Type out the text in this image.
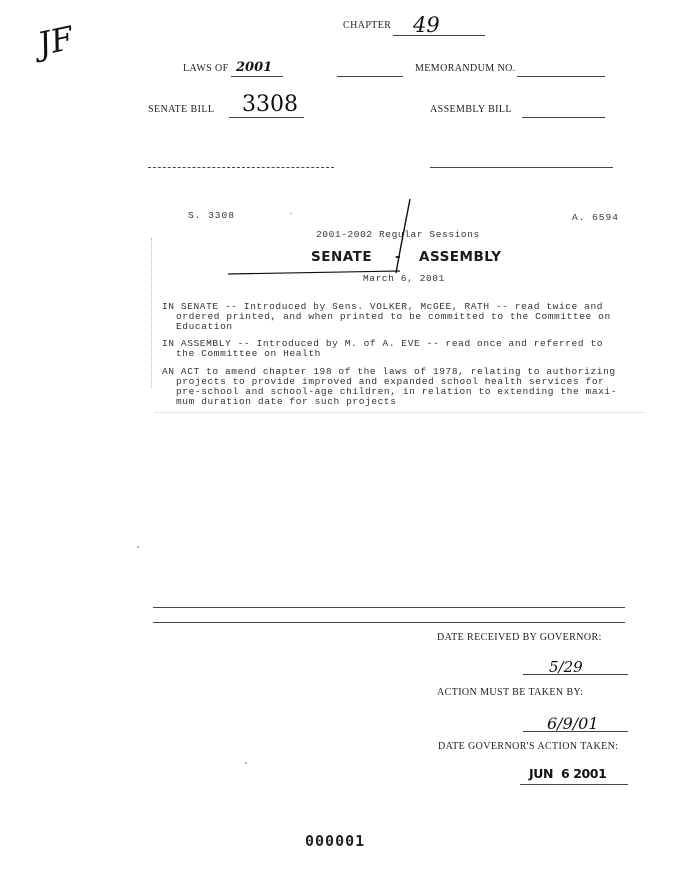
JF	CHAPTER 49
LAWS OF 2001	MEMORANDUM NO.
SENATE BILL 3308	ASSEMBLY BILL
S. 3308	A. 6594
2001-2002 Regular Sessions
SENATE - ASSEMBLY
March 6, 2001
IN SENATE -- Introduced by Sens. VOLKER, McGEE, RATH -- read twice and
ordered printed, and when printed to be committed to the Committee on
Education
IN ASSEMBLY -- Introduced by M. of A. EVE -- read once and referred to
the Committee on Health
AN ACT to amend chapter 198 of the laws of 1978, relating to authorizing
projects to provide improved and expanded school health services for
pre-school and school-age children, in relation to extending the maxi-
mum duration date for such projects
DATE RECEIVED BY GOVERNOR:
5/29
ACTION MUST BE TAKEN BY:
6/9/01
DATE GOVERNOR'S ACTION TAKEN:
JUN  6 2001
000001
